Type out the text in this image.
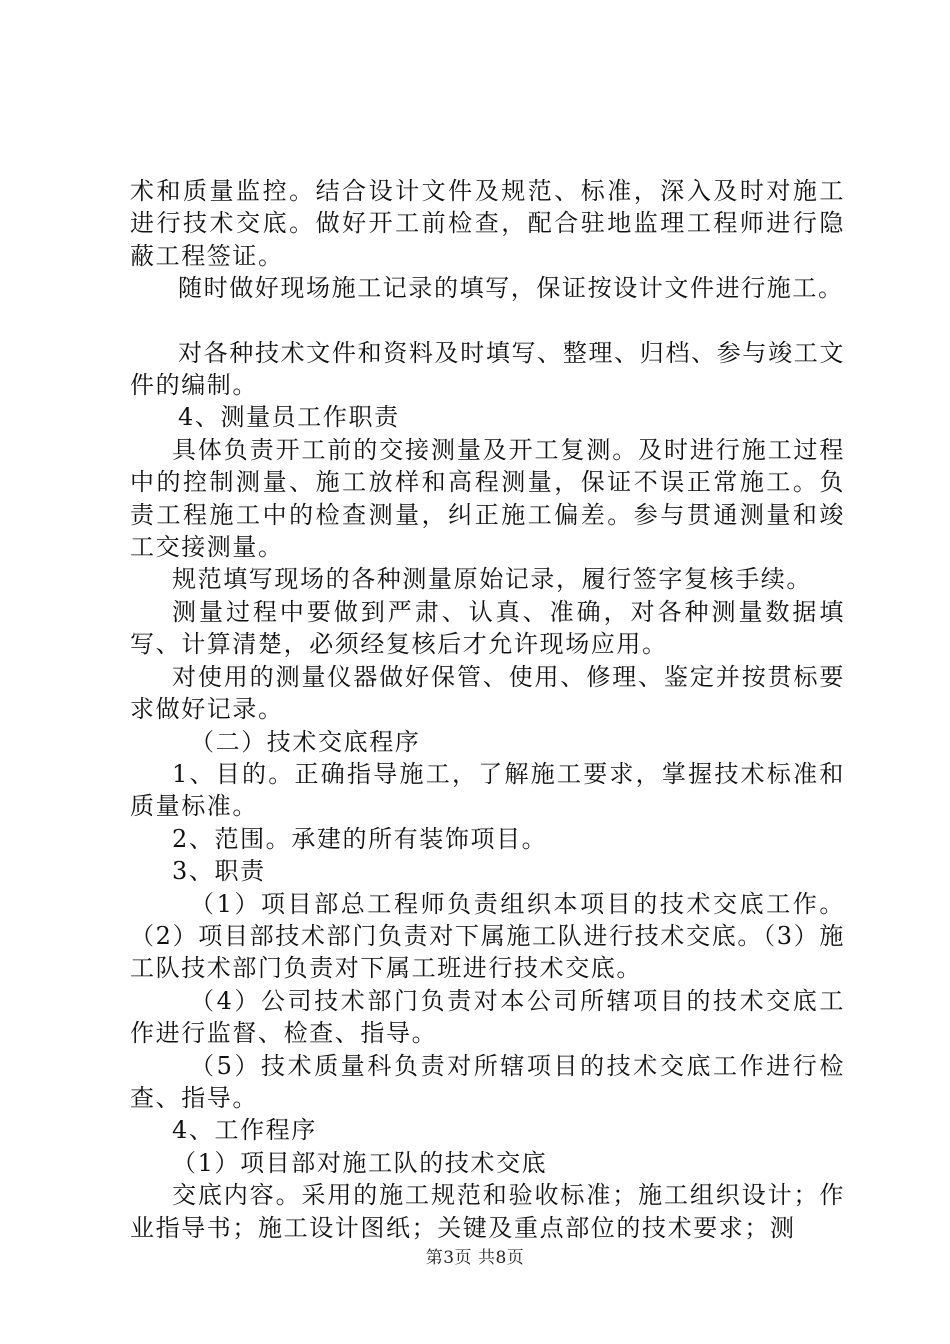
术和质量监控。结合设计文件及规范、标准，深入及时对施工进行技术交底。做好开工前检查，配合驻地监理工程师进行隐蔽工程签证。

随时做好现场施工记录的填写，保证按设计文件进行施工。

对各种技术文件和资料及时填写、整理、归档、参与竣工文件的编制。

4、测量员工作职责

具体负责开工前的交接测量及开工复测。及时进行施工过程中的控制测量、施工放样和高程测量，保证不误正常施工。负责工程施工中的检查测量，纠正施工偏差。参与贯通测量和竣工交接测量。

规范填写现场的各种测量原始记录，履行签字复核手续。

测量过程中要做到严肃、认真、准确，对各种测量数据填写、计算清楚，必须经复核后才允许现场应用。

对使用的测量仪器做好保管、使用、修理、鉴定并按贯标要求做好记录。

（二）技术交底程序

1、目的。正确指导施工，了解施工要求，掌握技术标准和质量标准。

2、范围。承建的所有装饰项目。

3、职责

（1）项目部总工程师负责组织本项目的技术交底工作。（2）项目部技术部门负责对下属施工队进行技术交底。（3）施工队技术部门负责对下属工班进行技术交底。

（4）公司技术部门负责对本公司所辖项目的技术交底工作进行监督、检查、指导。

（5）技术质量科负责对所辖项目的技术交底工作进行检查、指导。

4、工作程序

（1）项目部对施工队的技术交底

交底内容。采用的施工规范和验收标准；施工组织设计；作业指导书；施工设计图纸；关键及重点部位的技术要求；测

第3页 共8页
